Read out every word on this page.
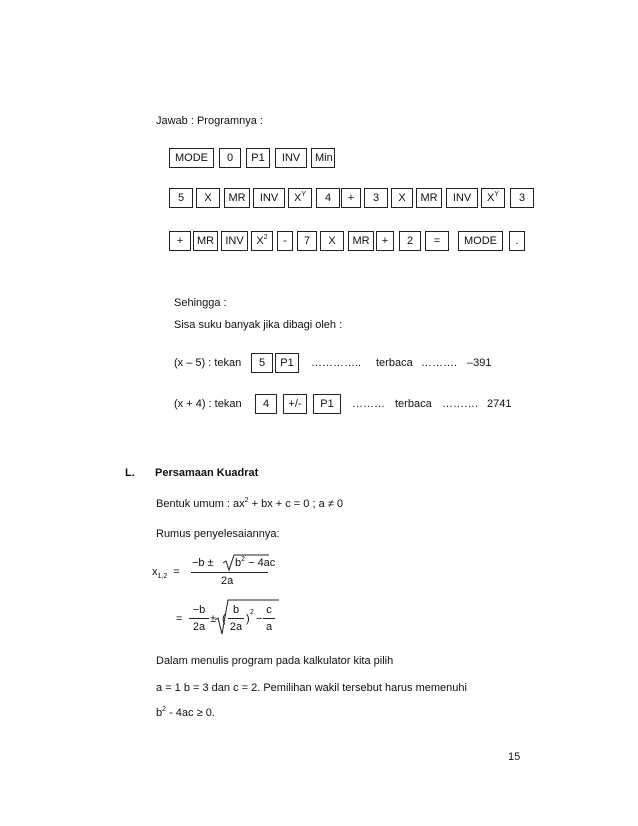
Jawab : Programnya :
MODE	0	P1	INV	Min
5	X	MR	INV	$X^Y$	4	+	3	X	MR	INV	$X^Y$	3
+	MR	INV	$X^2$	-	7	X	MR	+	2	=	MODE	.
Sehingga :
Sisa suku banyak jika dibagi oleh :
(x – 5) : tekan	5	P1	………….. terbaca ………. –391
(x + 4) : tekan	4	+/-	P1	……… terbaca ………. 2741
L. Persamaan Kuadrat
Bentuk umum : $ax^2$ + bx + c = 0 ; a ≠ 0
Rumus penyelesaiannya:
$x_{1,2}$ =
$-b \pm b^2 - 4ac$
2a
=
−b
2a
± (
b
2a
)
2
−
c
a
Dalam menulis program pada kalkulator kita pilih
a = 1 b = 3 dan c = 2. Pemilihan wakil tersebut harus memenuhi
$b^2 - 4ac \ge 0$.
15
